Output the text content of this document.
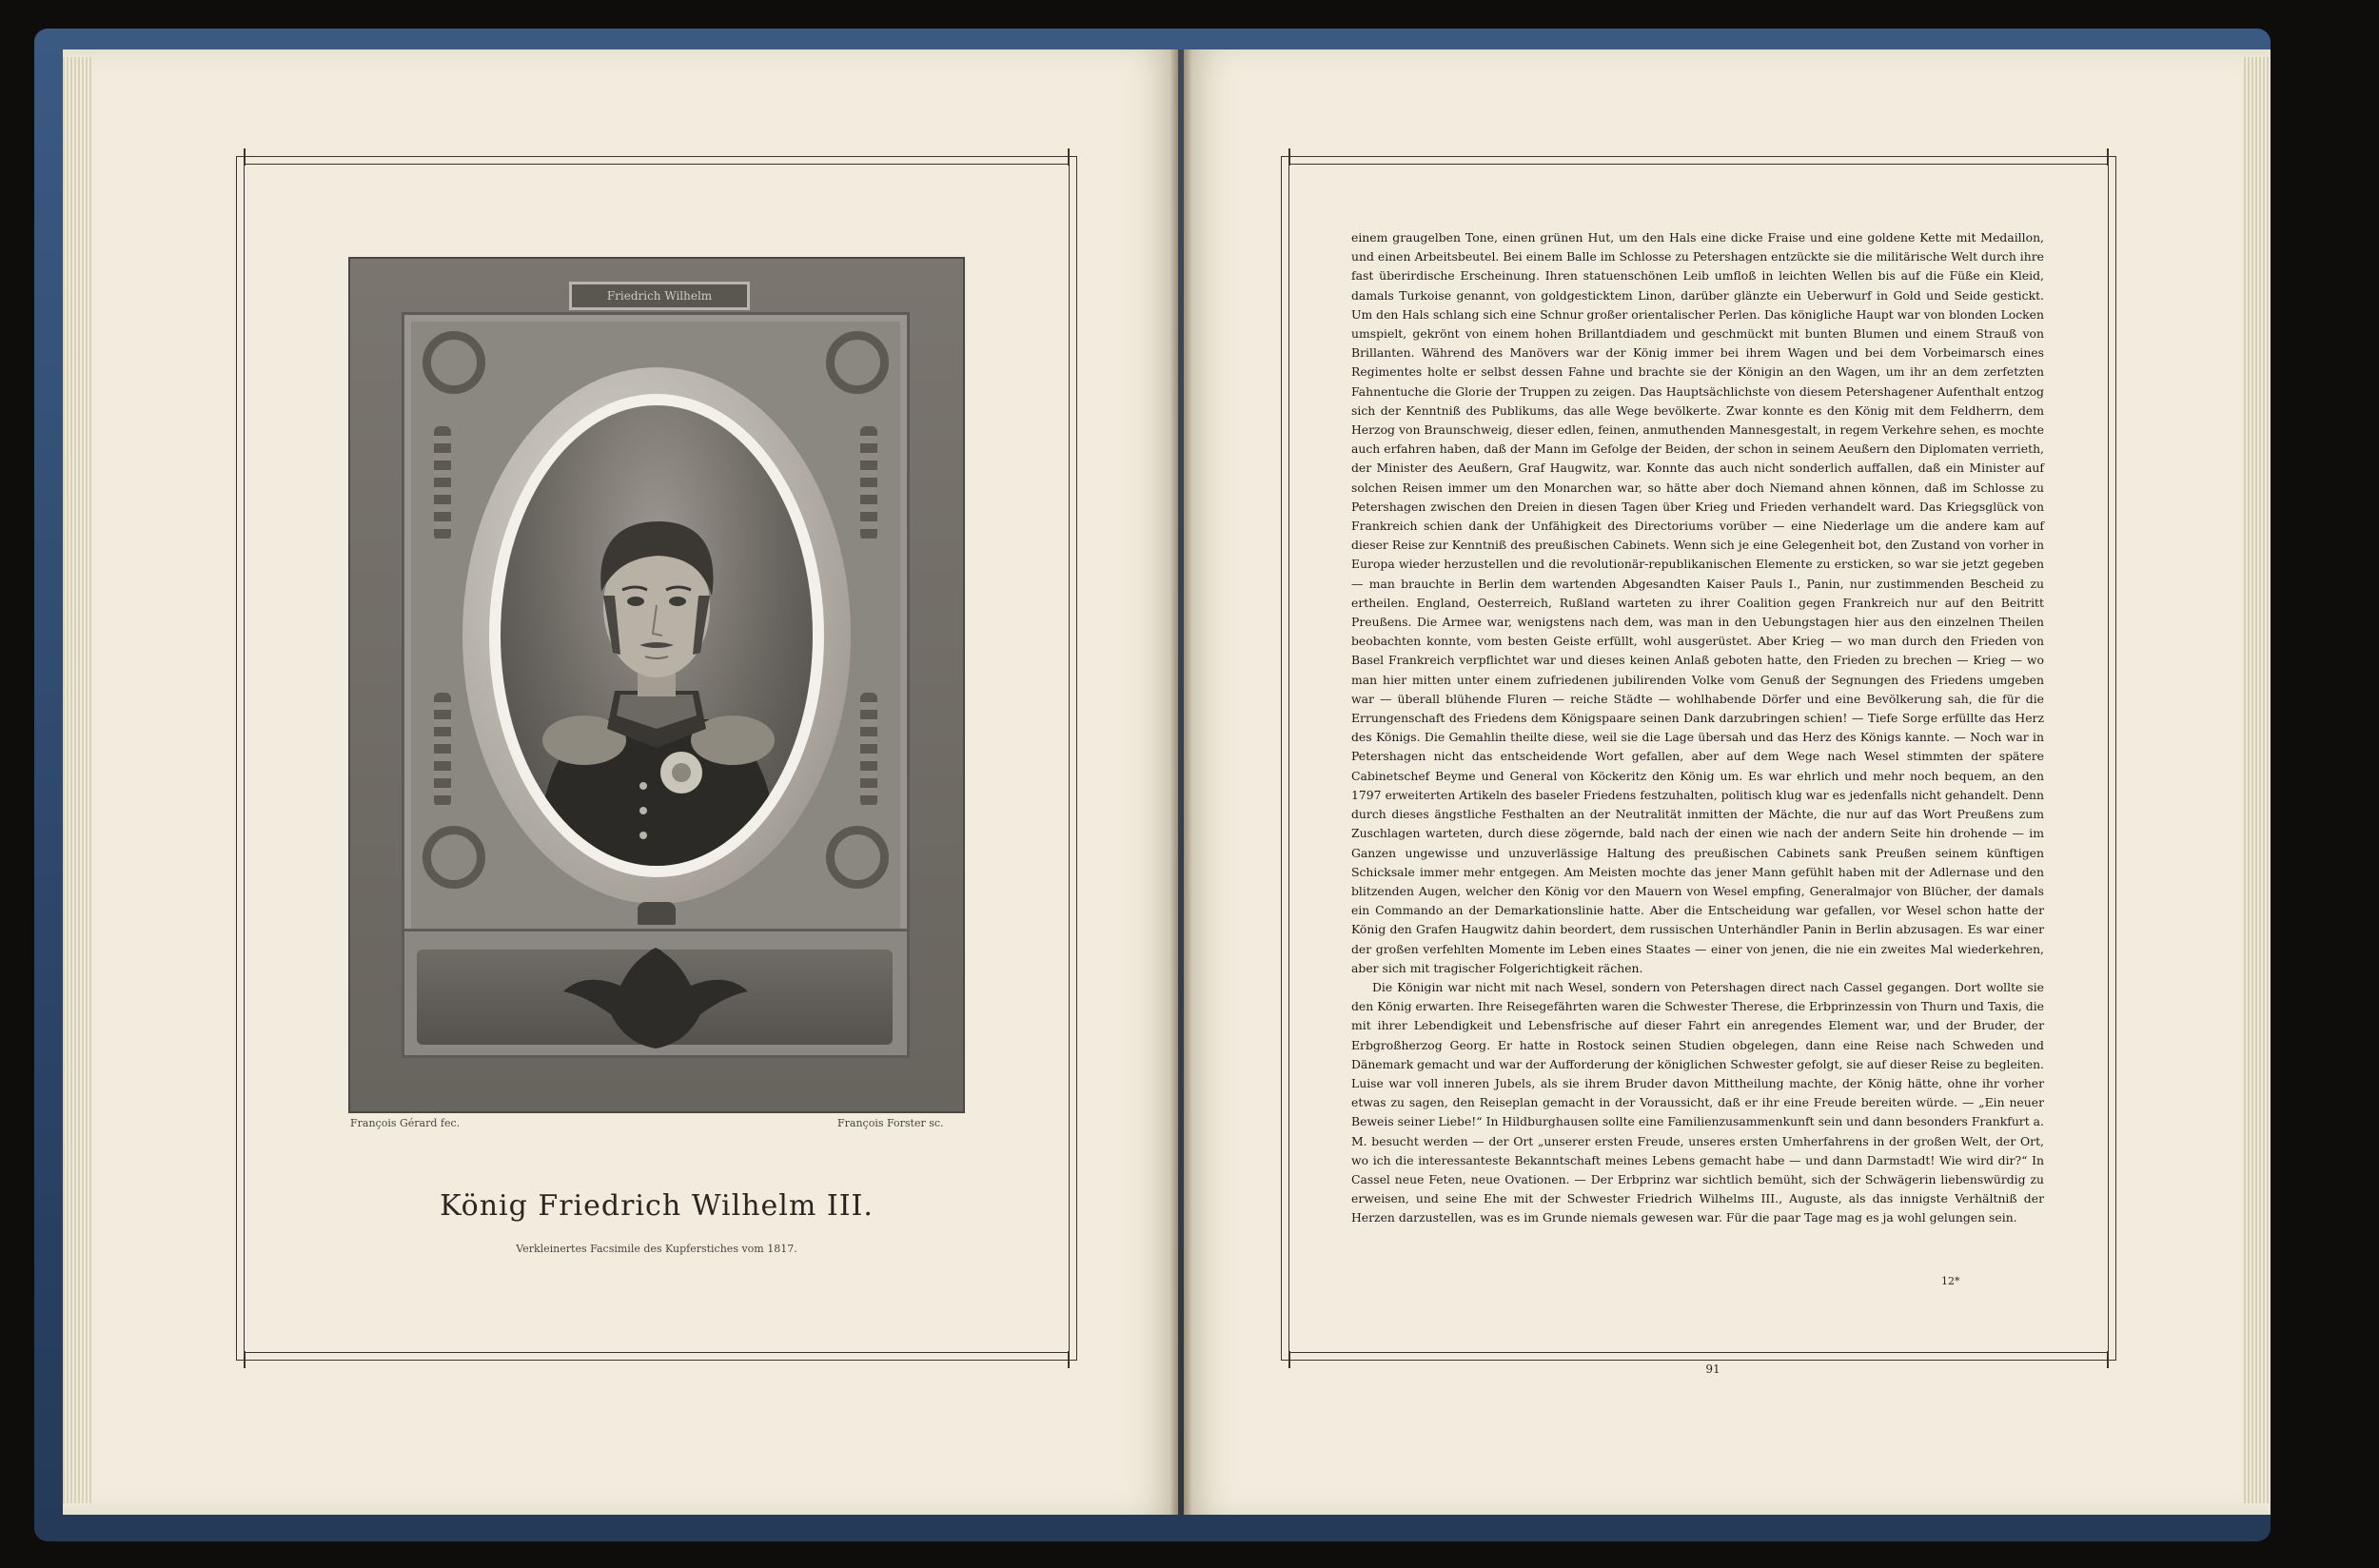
Friedrich Wilhelm
François Gérard fec.	François Forster sc.
König Friedrich Wilhelm III.
Verkleinertes Facsimile des Kupferstiches vom 1817.

einem graugelben Tone, einen grünen Hut, um den Hals eine dicke Fraise und eine goldene Kette mit Medaillon, und einen Arbeitsbeutel. Bei einem Balle im Schlosse zu Petershagen entzückte sie die militärische Welt durch ihre fast überirdische Erscheinung. Ihren statuenschönen Leib umfloß in leichten Wellen bis auf die Füße ein Kleid, damals Turkoise genannt, von goldgesticktem Linon, darüber glänzte ein Ueberwurf in Gold und Seide gestickt. Um den Hals schlang sich eine Schnur großer orientalischer Perlen. Das königliche Haupt war von blonden Locken umspielt, gekrönt von einem hohen Brillantdiadem und geschmückt mit bunten Blumen und einem Strauß von Brillanten. Während des Manövers war der König immer bei ihrem Wagen und bei dem Vorbeimarsch eines Regimentes holte er selbst dessen Fahne und brachte sie der Königin an den Wagen, um ihr an dem zerfetzten Fahnentuche die Glorie der Truppen zu zeigen. Das Hauptsächlichste von diesem Petershagener Aufenthalt entzog sich der Kenntniß des Publikums, das alle Wege bevölkerte. Zwar konnte es den König mit dem Feldherrn, dem Herzog von Braunschweig, dieser edlen, feinen, anmuthenden Mannesgestalt, in regem Verkehre sehen, es mochte auch erfahren haben, daß der Mann im Gefolge der Beiden, der schon in seinem Aeußern den Diplomaten verrieth, der Minister des Aeußern, Graf Haugwitz, war. Konnte das auch nicht sonderlich auffallen, daß ein Minister auf solchen Reisen immer um den Monarchen war, so hätte aber doch Niemand ahnen können, daß im Schlosse zu Petershagen zwischen den Dreien in diesen Tagen über Krieg und Frieden verhandelt ward. Das Kriegsglück von Frankreich schien dank der Unfähigkeit des Directoriums vorüber — eine Niederlage um die andere kam auf dieser Reise zur Kenntniß des preußischen Cabinets. Wenn sich je eine Gelegenheit bot, den Zustand von vorher in Europa wieder herzustellen und die revolutionär-republikanischen Elemente zu ersticken, so war sie jetzt gegeben — man brauchte in Berlin dem wartenden Abgesandten Kaiser Pauls I., Panin, nur zustimmenden Bescheid zu ertheilen. England, Oesterreich, Rußland warteten zu ihrer Coalition gegen Frankreich nur auf den Beitritt Preußens. Die Armee war, wenigstens nach dem, was man in den Uebungstagen hier aus den einzelnen Theilen beobachten konnte, vom besten Geiste erfüllt, wohl ausgerüstet. Aber Krieg — wo man durch den Frieden von Basel Frankreich verpflichtet war und dieses keinen Anlaß geboten hatte, den Frieden zu brechen — Krieg — wo man hier mitten unter einem zufriedenen jubilirenden Volke vom Genuß der Segnungen des Friedens umgeben war — überall blühende Fluren — reiche Städte — wohlhabende Dörfer und eine Bevölkerung sah, die für die Errungenschaft des Friedens dem Königspaare seinen Dank darzubringen schien! — Tiefe Sorge erfüllte das Herz des Königs. Die Gemahlin theilte diese, weil sie die Lage übersah und das Herz des Königs kannte. — Noch war in Petershagen nicht das entscheidende Wort gefallen, aber auf dem Wege nach Wesel stimmten der spätere Cabinetschef Beyme und General von Köckeritz den König um. Es war ehrlich und mehr noch bequem, an den 1797 erweiterten Artikeln des baseler Friedens festzuhalten, politisch klug war es jedenfalls nicht gehandelt. Denn durch dieses ängstliche Festhalten an der Neutralität inmitten der Mächte, die nur auf das Wort Preußens zum Zuschlagen warteten, durch diese zögernde, bald nach der einen wie nach der andern Seite hin drohende — im Ganzen ungewisse und unzuverlässige Haltung des preußischen Cabinets sank Preußen seinem künftigen Schicksale immer mehr entgegen. Am Meisten mochte das jener Mann gefühlt haben mit der Adlernase und den blitzenden Augen, welcher den König vor den Mauern von Wesel empfing, Generalmajor von Blücher, der damals ein Commando an der Demarkationslinie hatte. Aber die Entscheidung war gefallen, vor Wesel schon hatte der König den Grafen Haugwitz dahin beordert, dem russischen Unterhändler Panin in Berlin abzusagen. Es war einer der großen verfehlten Momente im Leben eines Staates — einer von jenen, die nie ein zweites Mal wiederkehren, aber sich mit tragischer Folgerichtigkeit rächen.

Die Königin war nicht mit nach Wesel, sondern von Petershagen direct nach Cassel gegangen. Dort wollte sie den König erwarten. Ihre Reisegefährten waren die Schwester Therese, die Erbprinzessin von Thurn und Taxis, die mit ihrer Lebendigkeit und Lebensfrische auf dieser Fahrt ein anregendes Element war, und der Bruder, der Erbgroßherzog Georg. Er hatte in Rostock seinen Studien obgelegen, dann eine Reise nach Schweden und Dänemark gemacht und war der Aufforderung der königlichen Schwester gefolgt, sie auf dieser Reise zu begleiten. Luise war voll inneren Jubels, als sie ihrem Bruder davon Mittheilung machte, der König hätte, ohne ihr vorher etwas zu sagen, den Reiseplan gemacht in der Voraussicht, daß er ihr eine Freude bereiten würde. — „Ein neuer Beweis seiner Liebe!“ In Hildburghausen sollte eine Familienzusammenkunft sein und dann besonders Frankfurt a. M. besucht werden — der Ort „unserer ersten Freude, unseres ersten Umherfahrens in der großen Welt, der Ort, wo ich die interessanteste Bekanntschaft meines Lebens gemacht habe — und dann Darmstadt! Wie wird dir?“ In Cassel neue Feten, neue Ovationen. — Der Erbprinz war sichtlich bemüht, sich der Schwägerin liebenswürdig zu erweisen, und seine Ehe mit der Schwester Friedrich Wilhelms III., Auguste, als das innigste Verhältniß der Herzen darzustellen, was es im Grunde niemals gewesen war. Für die paar Tage mag es ja wohl gelungen sein.

12*
91
